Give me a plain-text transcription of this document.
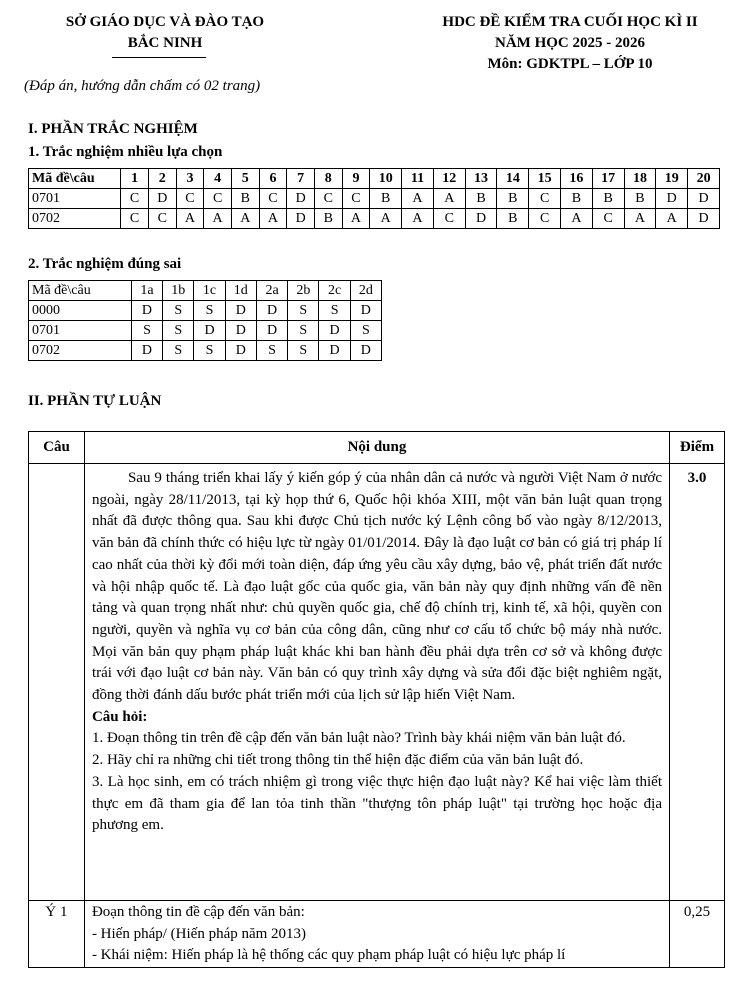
SỞ GIÁO DỤC VÀ ĐÀO TẠO
BẮC NINH
HDC ĐỀ KIỂM TRA CUỐI HỌC KÌ II
NĂM HỌC 2025 - 2026
Môn: GDKTPL – LỚP 10
(Đáp án, hướng dẫn chấm có 02 trang)
I. PHẦN TRẮC NGHIỆM
1. Trắc nghiệm nhiều lựa chọn
Mã đề\câu	1	2	3	4	5	6	7	8	9	10	11	12	13	14	15	16	17	18	19	20
0701	C	D	C	C	B	C	D	C	C	B	A	A	B	B	C	B	B	B	D	D
0702	C	C	A	A	A	A	D	B	A	A	A	C	D	B	C	A	C	A	A	D
2. Trắc nghiệm đúng sai
Mã đề\câu	1a	1b	1c	1d	2a	2b	2c	2d
0000	D	S	S	D	D	S	S	D
0701	S	S	D	D	D	S	D	S
0702	D	S	S	D	S	S	D	D
II. PHẦN TỰ LUẬN
Câu	Nội dung	Điểm

	Sau 9 tháng triển khai lấy ý kiến góp ý của nhân dân cả nước và người Việt Nam ở nước ngoài, ngày 28/11/2013, tại kỳ họp thứ 6, Quốc hội khóa XIII, một văn bản luật quan trọng nhất đã được thông qua. Sau khi được Chủ tịch nước ký Lệnh công bố vào ngày 8/12/2013, văn bản đã chính thức có hiệu lực từ ngày 01/01/2014. Đây là đạo luật cơ bản có giá trị pháp lí cao nhất của thời kỳ đổi mới toàn diện, đáp ứng yêu cầu xây dựng, bảo vệ, phát triển đất nước và hội nhập quốc tế. Là đạo luật gốc của quốc gia, văn bản này quy định những vấn đề nền tảng và quan trọng nhất như: chủ quyền quốc gia, chế độ chính trị, kinh tế, xã hội, quyền con người, quyền và nghĩa vụ cơ bản của công dân, cũng như cơ cấu tổ chức bộ máy nhà nước. Mọi văn bản quy phạm pháp luật khác khi ban hành đều phải dựa trên cơ sở và không được trái với đạo luật cơ bản này. Văn bản có quy trình xây dựng và sửa đổi đặc biệt nghiêm ngặt, đồng thời đánh dấu bước phát triển mới của lịch sử lập hiến Việt Nam.

Câu hỏi:

1. Đoạn thông tin trên đề cập đến văn bản luật nào? Trình bày khái niệm văn bản luật đó.

2. Hãy chỉ ra những chi tiết trong thông tin thể hiện đặc điểm của văn bản luật đó.

3. Là học sinh, em có trách nhiệm gì trong việc thực hiện đạo luật này? Kể hai việc làm thiết thực em đã tham gia để lan tỏa tinh thần "thượng tôn pháp luật" tại trường học hoặc địa phương em.	3.0
Ý 1	Đoạn thông tin đề cập đến văn bản:

- Hiến pháp/ (Hiến pháp năm 2013)

- Khái niệm: Hiến pháp là hệ thống các quy phạm pháp luật có hiệu lực pháp lí	0,25
